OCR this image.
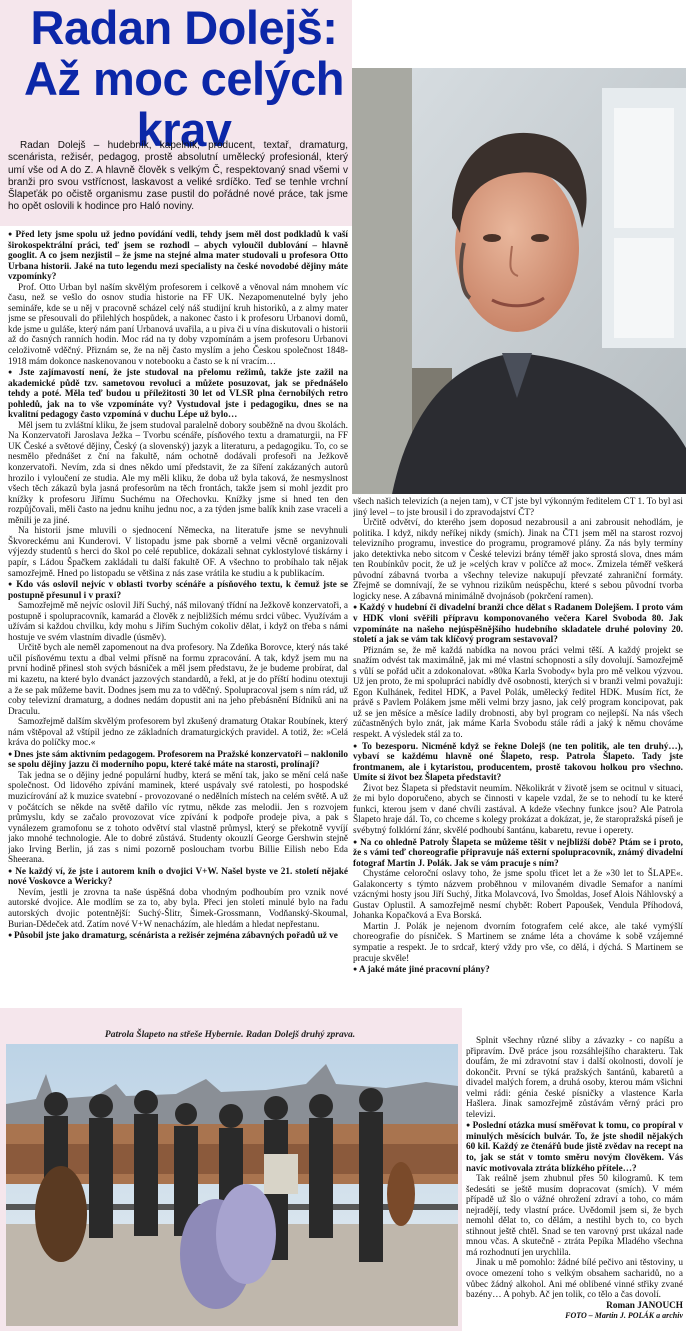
Radan Dolejš: Až moc celých krav

Radan Dolejš – hudebník, kapelník, producent, textař, dramaturg, scenárista, režisér, pedagog, prostě absolutní umělecký profesionál, který umí vše od A do Z. A hlavně člověk s velkým Č, respektovaný snad všemi v branži pro svou vstřícnost, laskavost a veliké srdíčko. Teď se tenhle vrchní Šlapeťák po očistě organismu zase pustil do pořádné nové práce, tak jsme ho opět oslovili k hodince pro Haló noviny.

● Před lety jsme spolu už jedno povídání vedli, tehdy jsem měl dost podkladů k vaší širokospektrální práci, teď jsem se rozhodl – abych vyloučil dublování – hlavně googlit. A co jsem nezjistil – že jsme na stejné alma mater studovali u profesora Otto Urbana historii. Jaké na tuto legendu mezi specialisty na české novodobé dějiny máte vzpomínky?

Prof. Otto Urban byl naším skvělým profesorem i celkově a věnoval nám mnohem víc času, než se vešlo do osnov studia historie na FF UK. Nezapomenutelné byly jeho semináře, kde se u něj v pracovně scházel celý náš studijní kruh historiků, a z almy mater jsme se přesouvali do přilehlých hospůdek, a nakonec často i k profesoru Urbanovi domů, kde jsme u guláše, který nám paní Urbanová uvařila, a u piva či u vína diskutovali o historii až do časných ranních hodin. Moc rád na ty doby vzpomínám a jsem profesoru Urbanovi celoživotně vděčný. Přiznám se, že na něj často myslím a jeho Českou společnost 1848-1918 mám dokonce naskenovanou v notebooku a často se k ní vracím…

● Jste zajímavostí není, že jste studoval na přelomu režimů, takže jste zažil na akademické půdě tzv. sametovou revoluci a můžete posuzovat, jak se přednášelo tehdy a poté. Měla teď budou u příležitosti 30 let od VLSR plna černobílých retro pohledů, jak na to vše vzpomínáte vy? Vystudoval jste i pedagogiku, dnes se na kvalitní pedagogy často vzpomíná v duchu Lépe už bylo…

Měl jsem tu zvláštní kliku, že jsem studoval paralelně dobory souběžně na dvou školách. Na Konzervatoři Jaroslava Ježka – Tvorbu scénáře, písňového textu a dramaturgii, na FF UK České a světové dějiny, Český (a slovenský) jazyk a literaturu, a pedagogiku. To, co se nesmělo přednášet z ční na fakultě, nám ochotně dodávali profesoři na Ježkově konzervatoři. Nevím, zda si dnes někdo umí představit, že za šíření zakázaných autorů hrozilo i vyloučení ze studia. Ale my měli kliku, že doba už byla taková, že nesmyslnost všech těch zákazů byla jasná profesorům na těch frontách, takže jsem si mohl jezdit pro knížky k profesoru Jiřímu Suchému na Ořechovku. Knížky jsme si hned ten den rozpůjčovali, měli často na jednu knihu jednu noc, a za týden jsme balík knih zase vraceli a měnili je za jiné.

Na historii jsme mluvili o sjednocení Německa, na literatuře jsme se nevyhnuli Škvoreckému ani Kunderovi. V listopadu jsme pak sborně a velmi věcně organizovali výjezdy studentů s herci do škol po celé republice, dokázali sehnat cyklostylové tiskárny i papír, s Ládou Špačkem zakládali tu další fakultě OF. A všechno to probíhalo tak nějak samozřejmě. Hned po listopadu se většina z nás zase vrátila ke studiu a k publikacím.

● Kdo vás oslovil nejvíc v oblasti tvorby scénáře a písňového textu, k čemuž jste se postupně přesunul i v praxi?

Samozřejmě mě nejvíc oslovil Jiří Suchý, náš milovaný třídní na Ježkově konzervatoři, a postupně i spolupracovník, kamarád a člověk z nejbližších mému srdci vůbec. Využívám a užívám si každou chvilku, kdy mohu s Jiřím Suchým cokoliv dělat, i když on třeba s námi hostuje ve svém vlastním divadle (úsměv).

Určitě bych ale neměl zapomenout na dva profesory. Na Zdeňka Borovce, který nás také učil písňovému textu a dbal velmi přísně na formu zpracování. A tak, když jsem mu na první hodině přinesl stoh svých básniček a měl jsem představu, že je budeme probírat, dal mi kazetu, na které bylo dvanáct jazzových standardů, a řekl, at je do příští hodinu otextuji a že se pak můžeme bavit. Dodnes jsem mu za to vděčný. Spolupracoval jsem s ním rád, už coby televizní dramaturg, a dodnes nedám dopustit ani na jeho přebásnění Bídníků ani na Draculu.

Samozřejmě dalším skvělým profesorem byl zkušený dramaturg Otakar Roubínek, který nám vštěpoval až vštípil jedno ze základních dramaturgických pravidel. A totiž, že: »Celá kráva do políčky moc.«

● Dnes jste sám aktivním pedagogem. Profesorem na Pražské konzervatoři – naklonilo se spolu dějiny jazzu či moderního popu, které také máte na starosti, prolínají?

Tak jedna se o dějiny jedné populární hudby, která se mění tak, jako se mění celá naše společnost. Od lidového zpívání maminek, které uspávaly své ratolesti, po hospodské muzicírování až k muzice svatební - provozované o nedělních místech na celém světě. A už v počátcích se někde na světě dařilo víc rytmu, někde zas melodii. Jen s rozvojem průmyslu, kdy se začalo provozovat více zpívání k podpoře prodeje piva, a pak s vynálezem gramofonu se z tohoto odvětví stal vlastně průmysl, který se překotně vyvíjí jako mnohé technologie. Ale to dobré zůstává. Studenty okouzlí George Gershwin stejně jako Irving Berlin, já zas s nimi pozorně posloucham tvorbu Billie Eilish nebo Eda Sheerana.

● Ne každý ví, že jste i autorem knih o dvojici V+W. Našel byste ve 21. století nějaké nové Voskovce a Wericky?

Nevím, jestli je zrovna ta naše úspěšná doba vhodným podhoubím pro vznik nové autorské dvojice. Ale modlím se za to, aby byla. Přeci jen století minulé bylo na řadu autorských dvojic potentnější: Suchý-Šlitr, Šimek-Grossmann, Vodňanský-Skoumal, Burian-Dědeček atd. Zatím nové V+W nenacházím, ale hledám a hledat nepřestanu.

● Působil jste jako dramaturg, scénárista a režisér zejména zábavných pořadů už ve

všech našich televizích (a nejen tam), v ČT jste byl výkonným ředitelem ČT 1. To byl asi jiný level – to jste brousil i do zpravodajství ČT?

Určitě odvětví, do kterého jsem doposud nezabrousil a ani zabrousit nehodlám, je politika. I když, nikdy neříkej nikdy (smích). Jinak na ČT1 jsem měl na starost rozvoj televizního programu, investice do programu, programové plány. Za nás byly termíny jako detektivka nebo sitcom v České televizi brány téměř jako sprostá slova, dnes mám ten Roubínkův pocit, že už je »celých krav v políčce až moc«. Zmizela téměř veškerá původní zábavná tvorba a všechny televize nakupují převzaté zahraniční formáty. Zřejmě se domnívají, že se vyhnou rizikům neúspěchu, které s sebou původní tvorba logicky nese. A zábavná minimálně dvojnásob (pokrčení ramen).

● Každý v hudební či divadelní branži chce dělat s Radanem Dolejšem. I proto vám v HDK vloni svěřili přípravu komponovaného večera Karel Svoboda 80. Jak vzpomínáte na našeho nejúspěšnějšího hudebního skladatele druhé poloviny 20. století a jak se vám tak klíčový program sestavoval?

Přiznám se, že mě každá nabídka na novou práci velmi těší. A každý projekt se snažím odvést tak maximálně, jak mi mé vlastní schopnosti a síly dovolují. Samozřejmě s vůlí se pořád učit a zdokonalovat. »80ka Karla Svobody« byla pro mě velkou výzvou. Už jen proto, že mi spolupráci nabídly dvě osobnosti, kterých si v branži velmi považuji: Egon Kulhánek, ředitel HDK, a Pavel Polák, umělecký ředitel HDK. Musím říct, že právě s Pavlem Polákem jsme měli velmi brzy jasno, jak celý program koncipovat, pak už se jen měsíce a měsíce ladily drobnosti, aby byl program co nejlepší. Na nás všech zúčastněných bylo znát, jak máme Karla Svobodu stále rádi a jaký k němu chováme respekt. A výsledek stál za to.

● To bezesporu. Nicméně když se řekne Dolejš (ne ten politik, ale ten druhý…), vybaví se každému hlavně oné Šlapeto, resp. Patrola Šlapeto. Tady jste frontmanem, ale i kytaristou, producentem, prostě takovou holkou pro všechno. Umíte si život bez Šlapeta představit?

Život bez Šlapeta si představit neumím. Několikrát v životě jsem se ocitnul v situaci, že mi bylo doporučeno, abych se činnosti v kapele vzdal, že se to nehodí tu ke které funkci, kterou jsem v dané chvíli zastával. A kdeže všechny funkce jsou? Ale Patrola Šlapeto hraje dál. To, co chceme s kolegy prokázat a dokázat, je, že staropražská píseň je svébytný folklórní žánr, skvělé podhoubí šantánu, kabaretu, revue i operety.

● Na co ohledně Patroly Šlapeta se můžeme těšit v nejbližší době? Ptám se i proto, že s vámi teď choreografie připravuje náš externí spolupracovník, známý divadelní fotograf Martin J. Polák. Jak se vám pracuje s ním?

Chystáme celoroční oslavy toho, že jsme spolu třicet let a že »30 let to ŠLAPE«. Galakoncerty s týmto názvem proběhnou v milovaném divadle Semafor a naními vzácnými hosty jsou Jiří Suchý, Jitka Molavcová, Ivo Šmoldas, Josef Alois Náhlovský a Gustav Oplustil. A samozřejmě nesmí chybět: Robert Papoušek, Vendula Příhodová, Johanka Kopačková a Eva Borská.

Martin J. Polák je nejenom dvorním fotografem celé akce, ale také vymýšlí choreografie do písniček. S Martinem se známe léta a chováme k sobě vzájemné sympatie a respekt. Je to srdcař, který vždy pro vše, co dělá, i dýchá. S Martinem se pracuje skvěle!

● A jaké máte jiné pracovní plány?

Splnit všechny různé sliby a závazky - co napíšu a připravím. Dvě práce jsou rozsáhlejšího charakteru. Tak doufám, že mi zdravotní stav i další okolnosti, dovolí je dokončit. První se týká pražských šantánů, kabaretů a divadel malých forem, a druhá osoby, kterou mám všichni velmi rádi: génia české písničky a vlastence Karla Hašlera. Jinak samozřejmě zůstávám věrný práci pro televizi.

● Poslední otázka musí směřovat k tomu, co propíral v minulých měsících bulvár. To, že jste shodil nějakých 60 kil. Každý ze čtenářů bude jistě zvědav na recept na to, jak se stát v tomto směru novým člověkem. Vás navíc motivovala ztráta blízkého přítele…?

Tak reálně jsem zhubnul přes 50 kilogramů. K tem šedesáti se ještě musím dopracovat (smích). V mém případě už šlo o vážné ohrožení zdraví a toho, co mám nejradějí, tedy vlastní práce. Uvědomil jsem si, že bych nemohl dělat to, co dělám, a nestihl bych to, co bych stihnout ještě chtěl. Snad se ten varovný prst ukázal nade mnou včas. A skutečně - ztráta Pepíka Mladého všechna má rozhodnutí jen urychlila.

Jinak u mě pomohlo: žádné bílé pečivo ani těstoviny, u ovoce omezení toho s velkým obsahem sacharidů, no a vůbec žádný alkohol. Ani mé oblíbené vinné střiky zvané bazény… A pohyb. Ač jen tolik, co tělo a čas dovolí.

Roman JANOUCH

FOTO – Martin J. POLÁK a archiv

Patrola Šlapeto na střeše Hybernie. Radan Dolejš druhý zprava.
